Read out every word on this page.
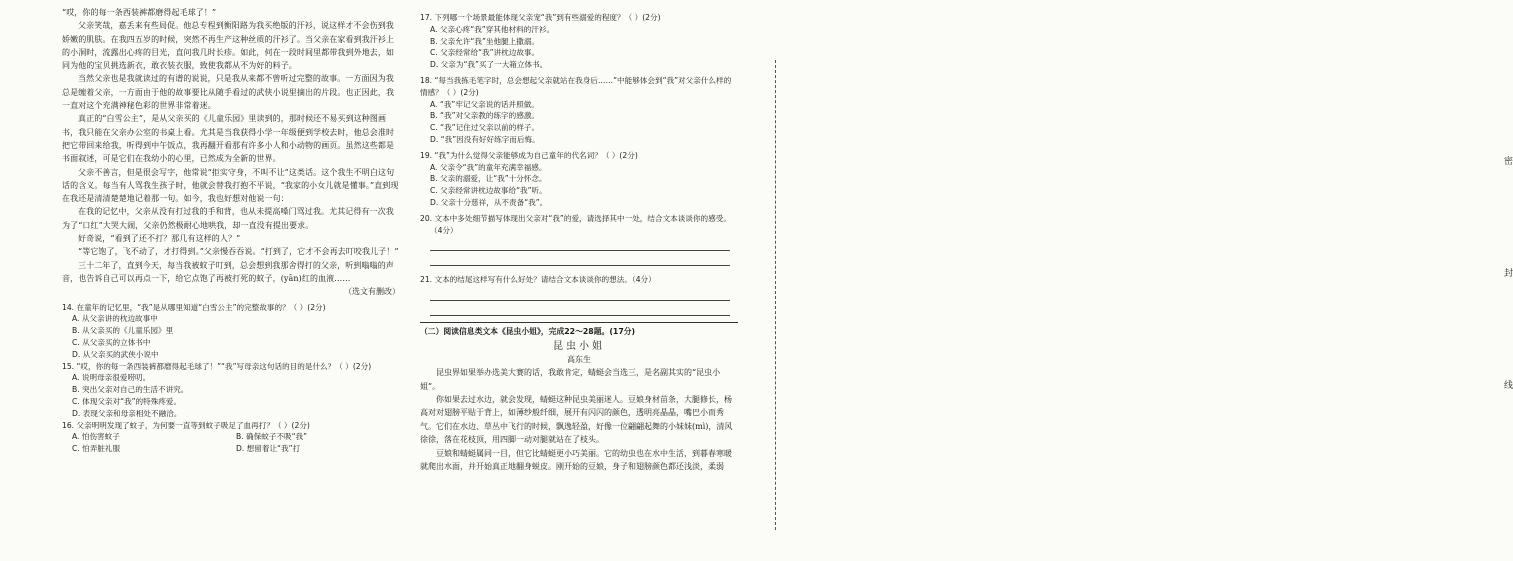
“哎，你的每一条西装裤都磨得起毛球了！”

父亲笑哉，嘉丢来有些局促。他总专程到衡阳路为我买绝版的汗衫，说这样才不会伤到我娇嫩的肌肤。在我四五岁的时候，突然不再生产这种丝质的汗衫了。当父亲在家看到我汗衫上的小洞时，流露出心疼的目光，直问我几时长疹。如此，何在一段时间里都带我到外地去，如同为他的宝贝挑选新衣，敢衣装衣服，致使我都从不为好的料子。

当然父亲也是我就读过的有谱的说说，只是我从来都不曾听过完整的故事。一方面因为我总是缠着父亲，一方面由于他的故事要比从随手看过的武侠小说里摘出的片段。也正因此，我一直对这个充满神秘色彩的世界非常着迷。

真正的“白雪公主”，是从父亲买的《儿童乐园》里读到的，那时候还不易买到这种图画书，我只能在父亲办公室的书桌上看。尤其是当我获得小学一年级便到学校去时，他总会准时把它带回来给我，听得到中午饭点，我再翻开看那有许多小人和小动物的画页。虽然这些都是书面叙述，可是它们在我幼小的心里，已然成为全新的世界。

父亲不善言，但是很会写字，他常说“拒实守身，不叫不让”这类话。这个我生不明白这句话的含义。每当有人骂我生孩子时，他就会替我打抱不平说，“我家的小女儿就是懂事。”直到现在我还是清清楚楚地记着那一句。如今，我也好想对他说一句：

在我的记忆中，父亲从没有打过我的手和背，也从未提高嗓门骂过我。尤其记得有一次我为了“口红”大哭大闹，父亲仍然极耐心地哄我，却一直没有提出要求。

好奇说，“看到了还不打？那几有这样的人？”

“等它饱了，飞不动了，才打得到。”父亲慢吞吞说。“打到了，它才不会再去叮咬我儿子！”

三十二年了，直到今天，每当我被蚊子叮到，总会想到我那舍得打的父亲，听到嗡嗡的声音，也告诉自己可以再点一下，给它点饱了再被打死的蚊子，(yān)红的血液……

（选文有删改）
14. 在童年的记忆里，“我”是从哪里知道“白雪公主”的完整故事的？（ ）(2分)
A. 从父亲讲的枕边故事中
B. 从父亲买的《儿童乐园》里
C. 从父亲买的立体书中
D. 从父亲买的武侠小说中
15. “哎，你的每一条西装裤都磨得起毛球了！”“我”写母亲这句话的目的是什么？（ ）(2分)
A. 说明母亲很爱唠叨。
B. 突出父亲对自己的生活不讲究。
C. 体现父亲对“我”的特殊疼爱。
D. 表现父亲和母亲相处不融洽。
16. 父亲明明发现了蚊子，为何要一直等到蚊子吸足了血再打？（ ）(2分)
A. 怕伤害蚊子	B. 确保蚊子不吸“我”
C. 怕弄脏礼服	D. 想留着让“我”打
17. 下列哪一个场景最能体现父亲宠“我”到有些溺爱的程度？（ ）(2分)
A. 父亲心疼“我”穿其他材料的汗衫。
B. 父亲允许“我”坐他腿上撒溺。
C. 父亲经常给“我”讲枕边故事。
D. 父亲为“我”买了一大箱立体书。
18. “每当我拣毛笔字时，总会想起父亲就站在我身后……”中能够体会到“我”对父亲什么样的情感？（ ）(2分)
A. “我”牢记父亲说的话并照做。
B. “我”对父亲教的练字的感激。
C. “我”记住过父亲以前的样子。
D. “我”因没有好好练字而后悔。
19. “我”为什么觉得父亲能够成为自己童年的代名词？（ ）(2分)
A. 父亲令“我”的童年充满幸福感。
B. 父亲的溺爱，让“我”十分怀念。
C. 父亲经常讲枕边故事给“我”听。
D. 父亲十分慈祥，从不责备“我”。
20. 文本中多处细节描写体现出父亲对“我”的爱，请选择其中一处，结合文本谈谈你的感受。
（4分）
21. 文本的结尾这样写有什么好处？请结合文本谈谈你的想法。（4分）
（二）阅读信息类文本《昆虫小姐》，完成22～28题。(17分)
昆虫小姐
高东生

昆虫界如果举办选美大赛的话，我敢肯定，蜻蜓会当选三，是名副其实的“昆虫小姐”。

你如果去过水边，就会发现，蜻蜓这种昆虫美丽迷人。豆娘身材苗条，大腿修长，杨高对对翅膀平贴于背上，如薄纱般纤细，展开有闪闪的颜色，透明亮晶晶，嘴巴小而秀气。它们在水边、草丛中飞行的时候，飘逸轻盈，好像一位翩翩起舞的小妹妹(mì)，清风徐徐，落在花枝顶，用四脚一动对腿就站在了枝头。

豆娘和蜻蜓属同一目，但它比蜻蜓更小巧美丽。它的幼虫也在水中生活，到暮春寒暖就爬出水面，并开始真正地翻身蜕皮。刚开始的豆娘，身子和翅膀颜色都还浅淡，柔弱

密
封
线
